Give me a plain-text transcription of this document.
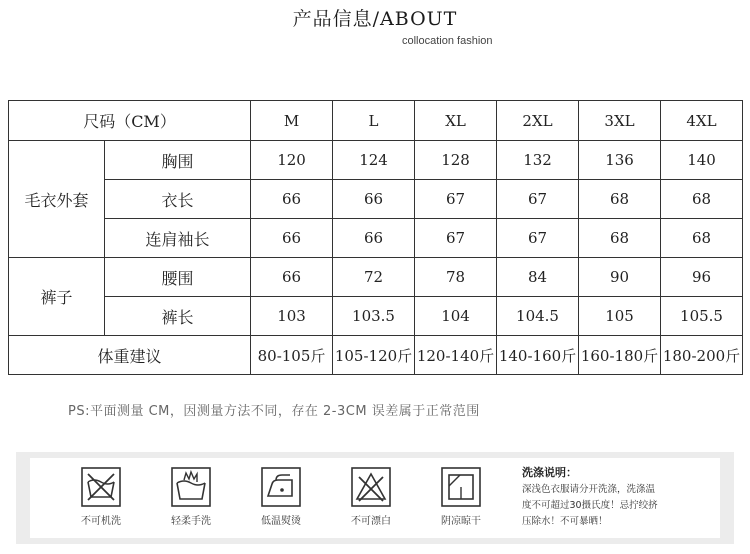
产品信息/ABOUT
collocation fashion
尺码（CM）		M	L	XL	2XL	3XL	4XL
毛衣外套	胸围	120	124	128	132	136	140
	衣长	66	66	67	67	68	68
	连肩袖长	66	66	67	67	68	68
裤子	腰围	66	72	78	84	90	96
	裤长	103	103.5	104	104.5	105	105.5
体重建议		80-105斤	105-120斤	120-140斤	140-160斤	160-180斤	180-200斤
PS:平面测量 CM，因测量方法不同，存在 2-3CM 误差属于正常范围
不可机洗	轻柔手洗	低温熨烫	不可漂白	阴凉晾干
洗涤说明：
深浅色衣服请分开洗涤，洗涤温
度不可超过30摄氏度！忌拧绞挤
压除水！不可暴晒！
